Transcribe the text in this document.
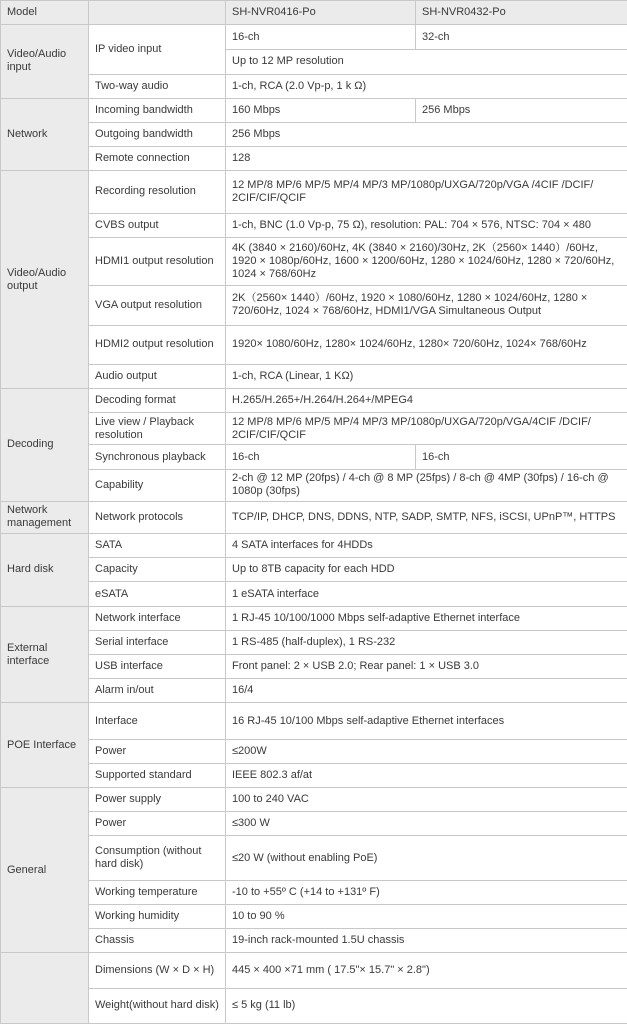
Model		SH-NVR0416-Po	SH-NVR0432-Po
Video/Audio input	IP video input	16-ch	32-ch
		Up to 12 MP resolution	
	Two-way audio	1-ch, RCA (2.0 Vp-p, 1 k Ω)	
Network	Incoming bandwidth	160 Mbps	256 Mbps
	Outgoing bandwidth	256 Mbps	
	Remote connection	128	
Video/Audio output	Recording resolution	12 MP/8 MP/6 MP/5 MP/4 MP/3 MP/1080p/UXGA/720p/VGA /4CIF /DCIF/ 2CIF/CIF/QCIF	
	CVBS output	1-ch, BNC (1.0 Vp-p, 75 Ω), resolution: PAL: 704 × 576, NTSC: 704 × 480	
	HDMI1 output resolution	4K (3840 × 2160)/60Hz, 4K (3840 × 2160)/30Hz, 2K（2560× 1440）/60Hz, 1920 × 1080p/60Hz, 1600 × 1200/60Hz, 1280 × 1024/60Hz, 1280 × 720/60Hz, 1024 × 768/60Hz	
	VGA output resolution	2K（2560× 1440）/60Hz, 1920 × 1080/60Hz, 1280 × 1024/60Hz, 1280 × 720/60Hz, 1024 × 768/60Hz, HDMI1/VGA Simultaneous Output	
	HDMI2 output resolution	1920× 1080/60Hz, 1280× 1024/60Hz, 1280× 720/60Hz, 1024× 768/60Hz	
	Audio output	1-ch, RCA (Linear, 1 KΩ)	
Decoding	Decoding format	H.265/H.265+/H.264/H.264+/MPEG4	
	Live view / Playback resolution	12 MP/8 MP/6 MP/5 MP/4 MP/3 MP/1080p/UXGA/720p/VGA/4CIF /DCIF/ 2CIF/CIF/QCIF	
	Synchronous playback	16-ch	16-ch
	Capability	2-ch @ 12 MP (20fps) / 4-ch @ 8 MP (25fps) / 8-ch @ 4MP (30fps) / 16-ch @ 1080p (30fps)	
Network management	Network protocols	TCP/IP, DHCP, DNS, DDNS, NTP, SADP, SMTP, NFS, iSCSI, UPnP™, HTTPS	
Hard disk	SATA	4 SATA interfaces for 4HDDs	
	Capacity	Up to 8TB capacity for each HDD	
	eSATA	1 eSATA interface	
External interface	Network interface	1 RJ-45 10/100/1000 Mbps self-adaptive Ethernet interface	
	Serial interface	1 RS-485 (half-duplex), 1 RS-232	
	USB interface	Front panel: 2 × USB 2.0; Rear panel: 1 × USB 3.0	
	Alarm in/out	16/4	
POE Interface	Interface	16 RJ-45 10/100 Mbps self-adaptive Ethernet interfaces	
	Power	≤200W	
	Supported standard	IEEE 802.3 af/at	
General	Power supply	100 to 240 VAC	
	Power	≤300 W	
	Consumption (without hard disk)	≤20 W (without enabling PoE)	
	Working temperature	-10 to +55º C (+14 to +131º F)	
	Working humidity	10 to 90 %	
	Chassis	19-inch rack-mounted 1.5U chassis	
	Dimensions (W × D × H)	445 × 400 ×71 mm ( 17.5"× 15.7" × 2.8")	
	Weight(without hard disk)	≤ 5 kg (11 lb)	
